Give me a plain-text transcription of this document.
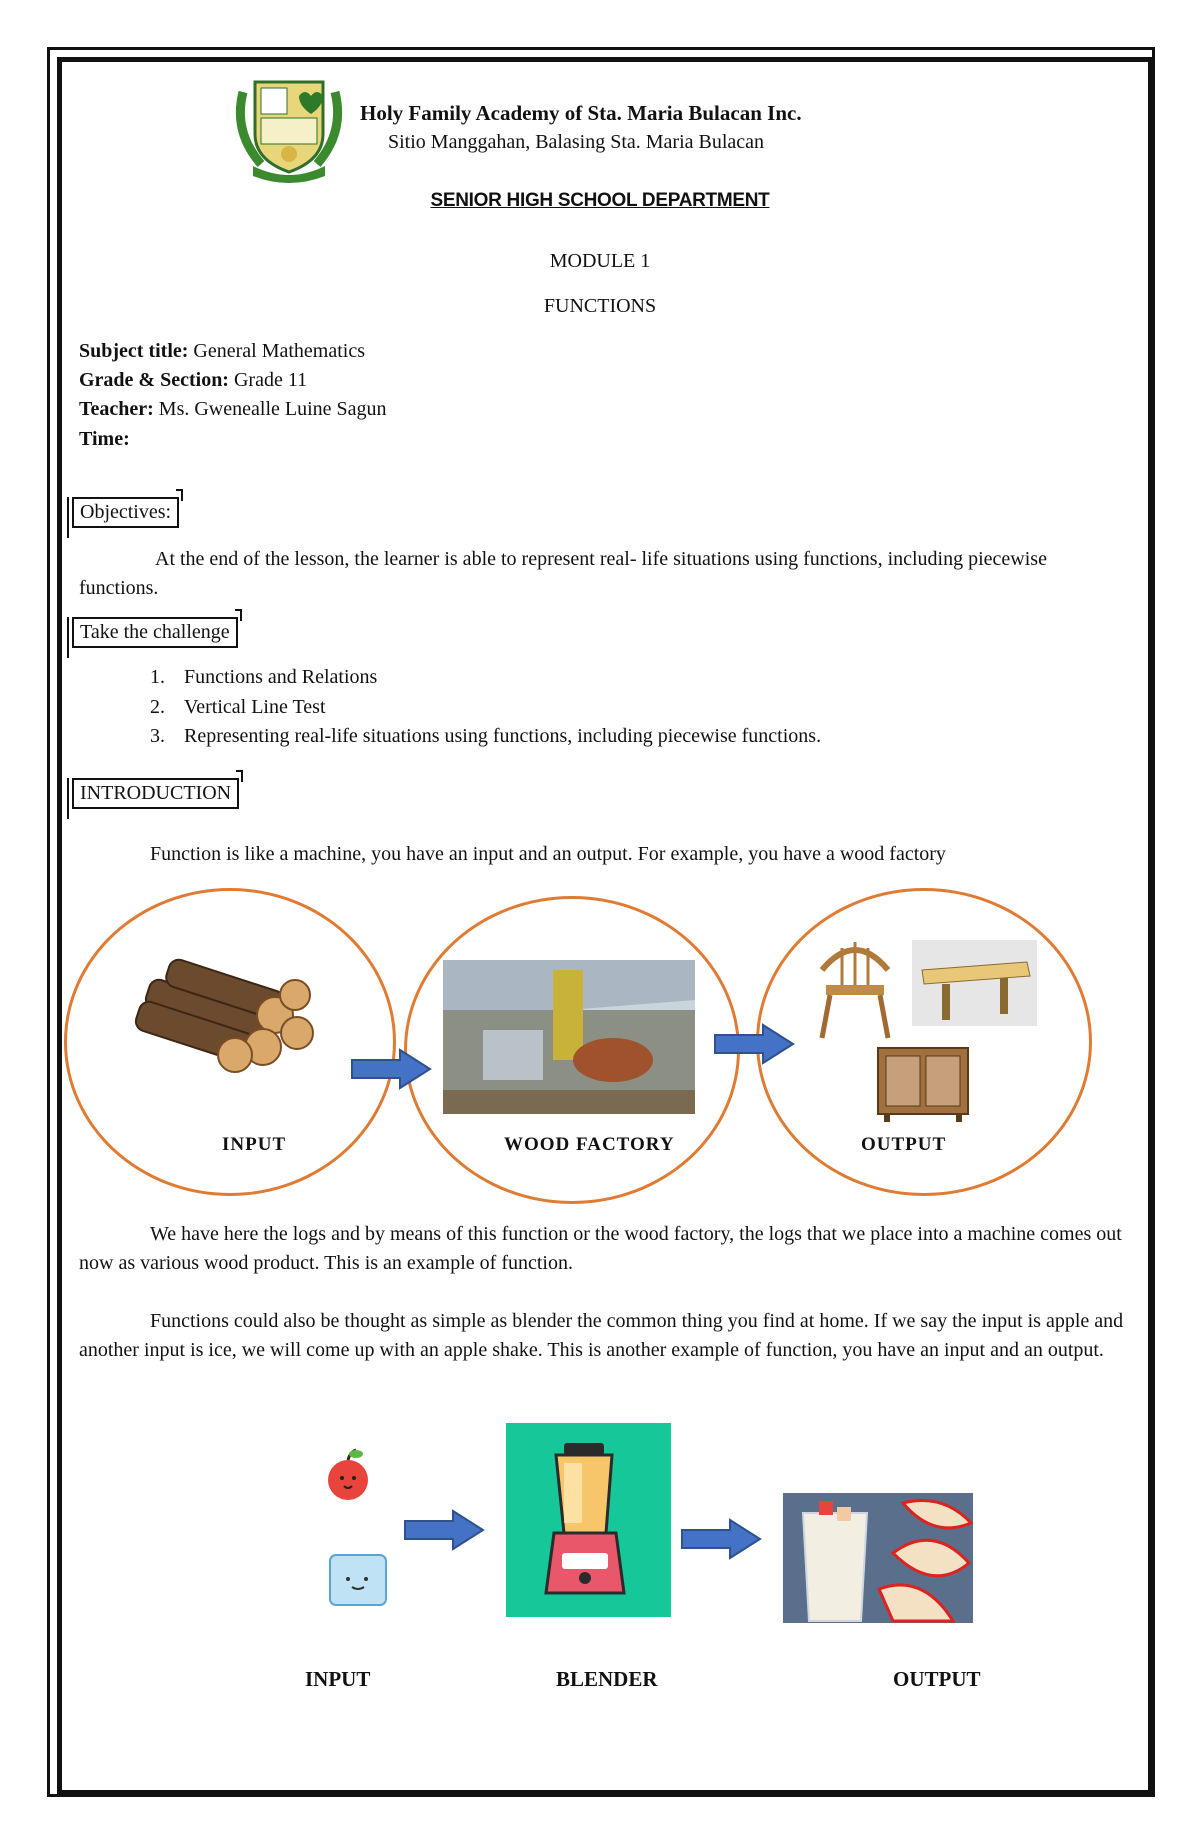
Holy Family Academy of Sta. Maria Bulacan Inc.
Sitio Manggahan, Balasing Sta. Maria Bulacan
SENIOR HIGH SCHOOL DEPARTMENT
MODULE 1
FUNCTIONS
Subject title: General Mathematics
Grade & Section: Grade 11
Teacher: Ms. Gwenealle Luine Sagun
Time:
Objectives:
At the end of the lesson, the learner is able to represent real- life situations using functions, including piecewise functions.
Take the challenge
1. Functions and Relations
2. Vertical Line Test
3. Representing real-life situations using functions, including piecewise functions.
INTRODUCTION
Function is like a machine, you have an input and an output. For example, you have a wood factory
INPUT	WOOD FACTORY	OUTPUT
We have here the logs and by means of this function or the wood factory, the logs that we place into a machine comes out now as various wood product. This is an example of function.
Functions could also be thought as simple as blender the common thing you find at home. If we say the input is apple and another input is ice, we will come up with an apple shake. This is another example of function, you have an input and an output.
INPUT	BLENDER	OUTPUT
